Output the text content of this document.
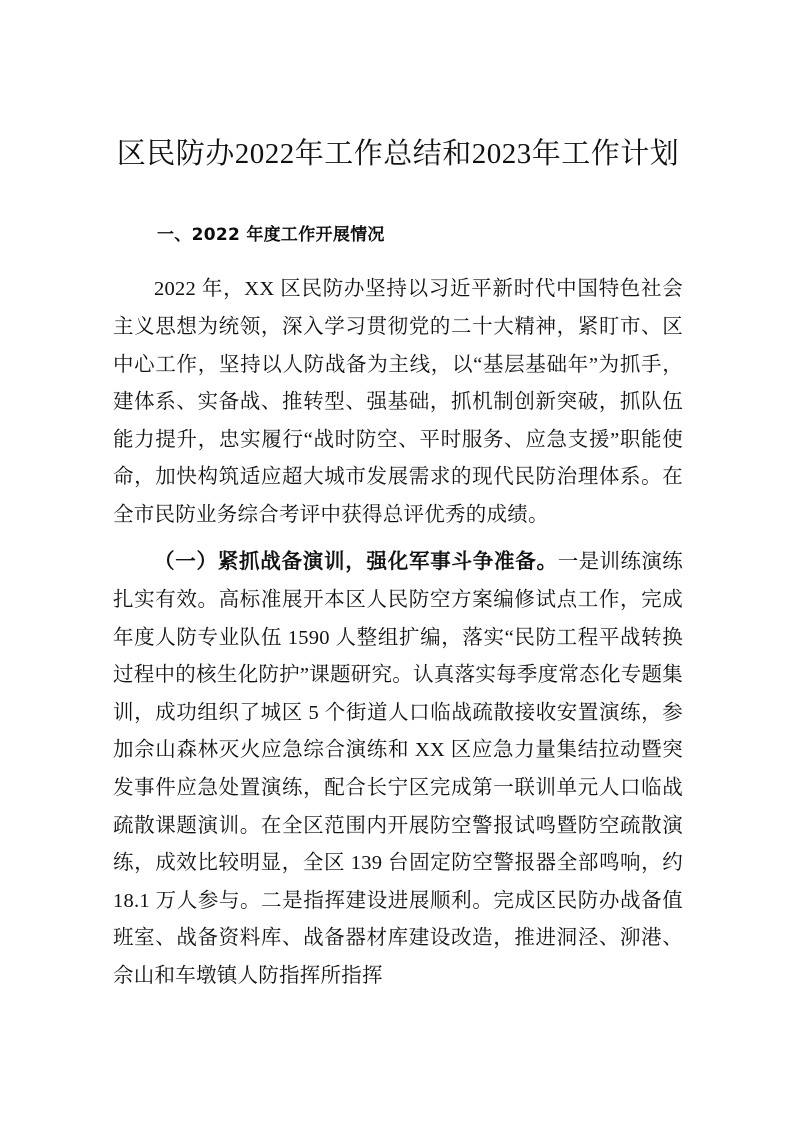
区民防办2022年工作总结和2023年工作计划
一、2022 年度工作开展情况

2022 年，XX 区民防办坚持以习近平新时代中国特色社会主义思想为统领，深入学习贯彻党的二十大精神，紧盯市、区中心工作，坚持以人防战备为主线，以“基层基础年”为抓手，建体系、实备战、推转型、强基础，抓机制创新突破，抓队伍能力提升，忠实履行“战时防空、平时服务、应急支援”职能使命，加快构筑适应超大城市发展需求的现代民防治理体系。在全市民防业务综合考评中获得总评优秀的成绩。

（一）紧抓战备演训，强化军事斗争准备。一是训练演练扎实有效。高标准展开本区人民防空方案编修试点工作，完成年度人防专业队伍 1590 人整组扩编，落实“民防工程平战转换过程中的核生化防护”课题研究。认真落实每季度常态化专题集训，成功组织了城区 5 个街道人口临战疏散接收安置演练，参加佘山森林灭火应急综合演练和 XX 区应急力量集结拉动暨突发事件应急处置演练，配合长宁区完成第一联训单元人口临战疏散课题演训。在全区范围内开展防空警报试鸣暨防空疏散演练，成效比较明显，全区 139 台固定防空警报器全部鸣响，约 18.1 万人参与。二是指挥建设进展顺利。完成区民防办战备值班室、战备资料库、战备器材库建设改造，推进洞泾、泖港、佘山和车墩镇人防指挥所指挥
